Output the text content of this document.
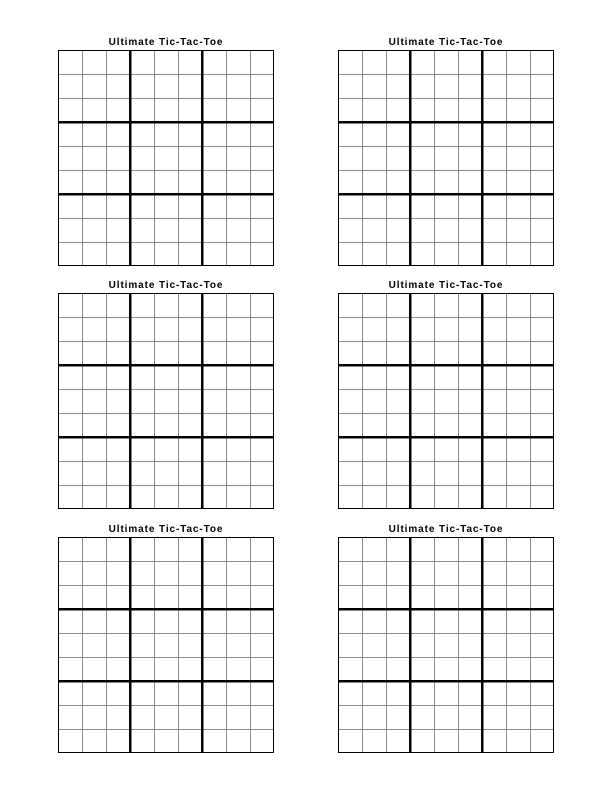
Ultimate Tic-Tac-Toe	Ultimate Tic-Tac-Toe
Ultimate Tic-Tac-Toe	Ultimate Tic-Tac-Toe
Ultimate Tic-Tac-Toe	Ultimate Tic-Tac-Toe
